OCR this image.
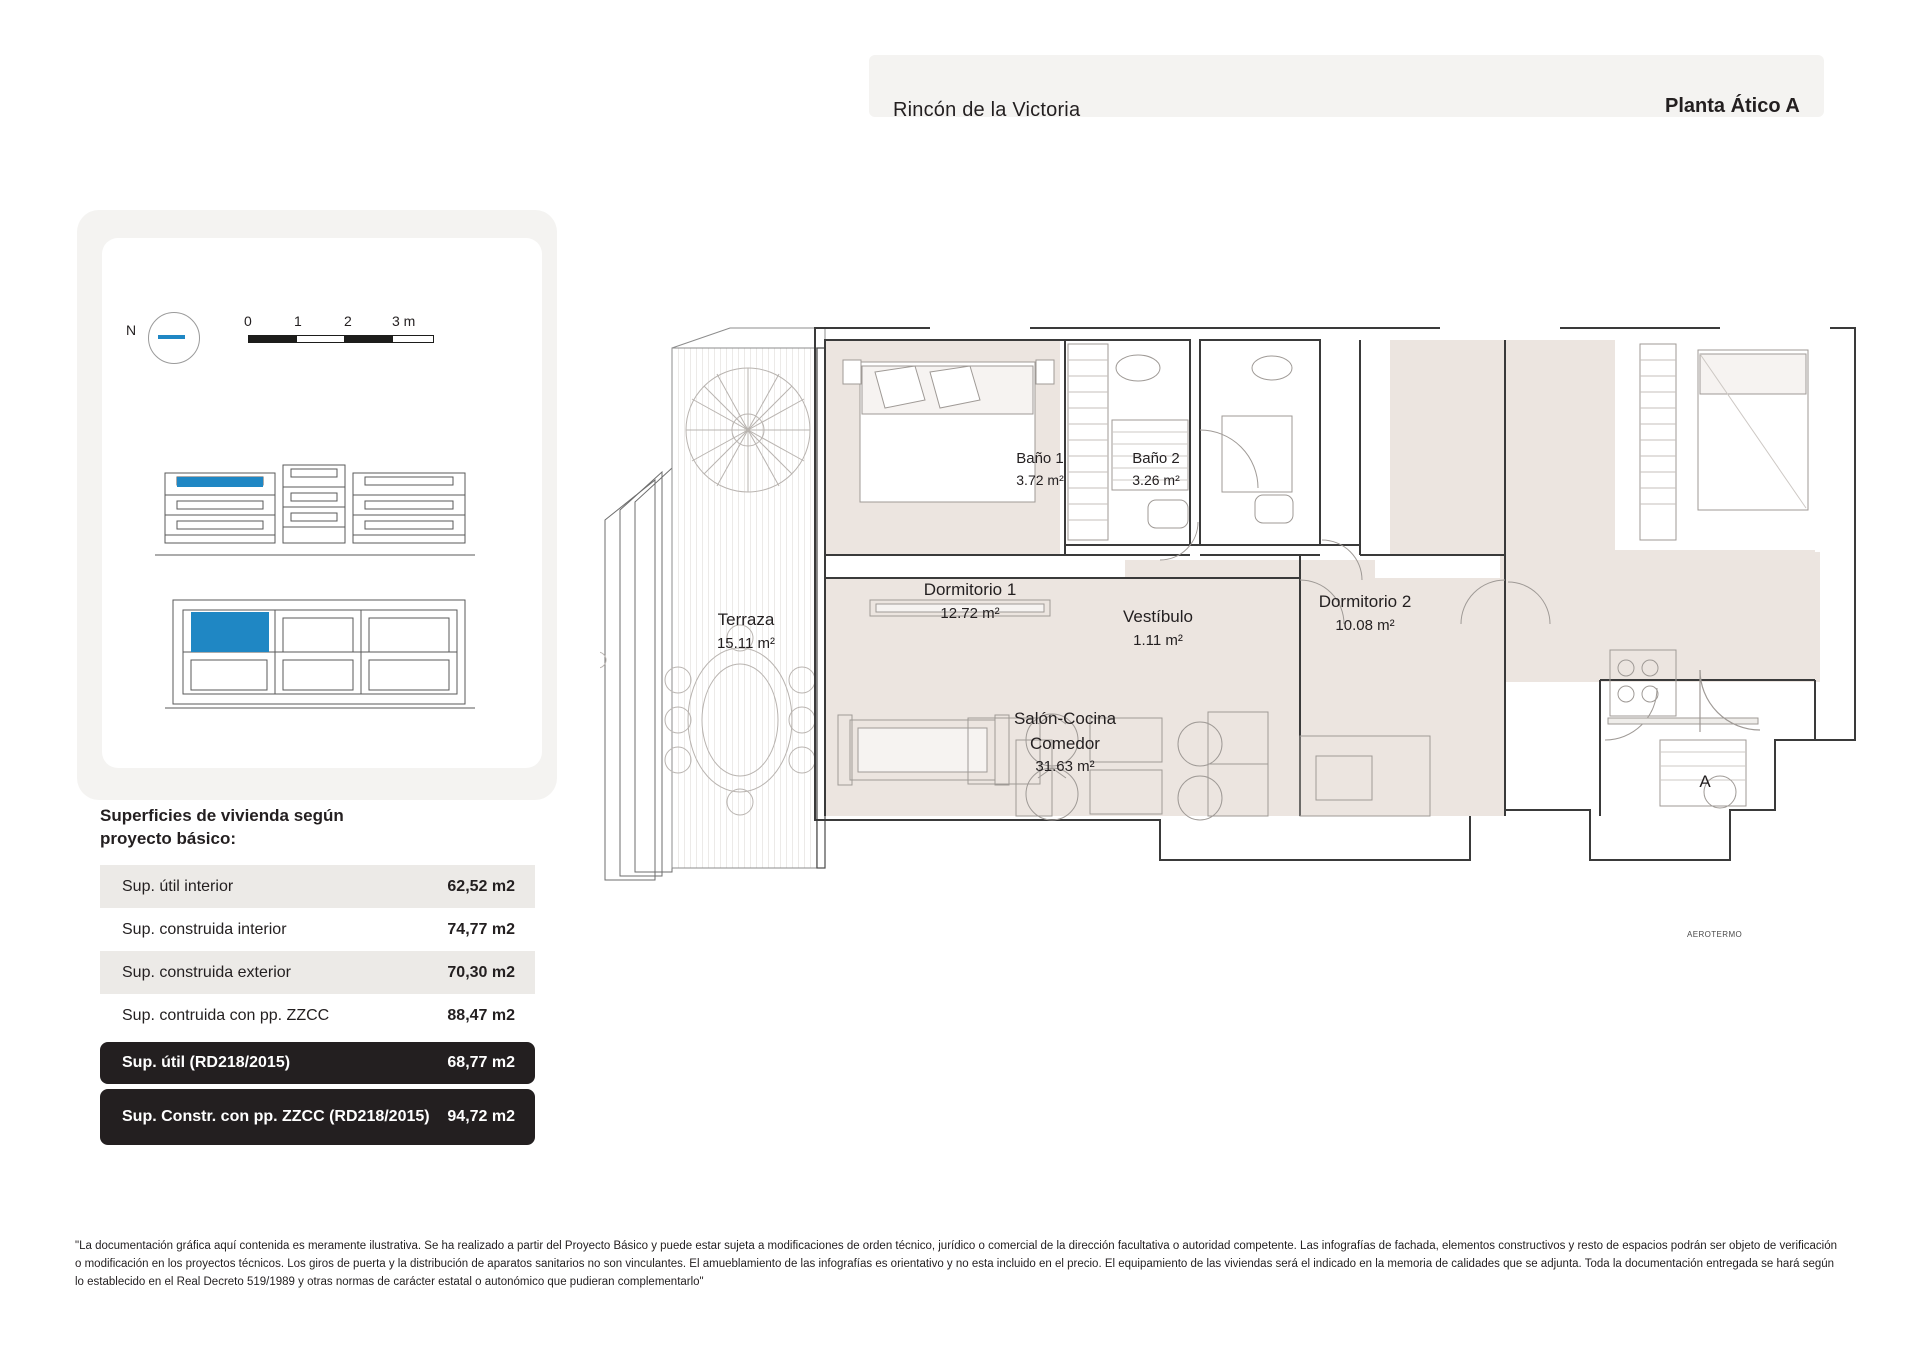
Rincón de la Victoria	Planta Ático A
N
0	1	2	3 m
Superficies de vivienda según proyecto básico:
Sup. útil interior	62,52 m2
Sup. construida interior	74,77 m2
Sup. construida exterior	70,30 m2
Sup. contruida con pp. ZZCC	88,47 m2
Sup. útil (RD218/2015)	68,77 m2
Sup. Constr. con pp. ZZCC (RD218/2015) 94,72 m2
Terraza
15.11 m²
Dormitorio 1
12.72 m²
Baño 1
3.72 m²
Baño 2
3.26 m²
Vestíbulo
1.11 m²
Dormitorio 2
10.08 m²
Salón-Cocina
Comedor
31.63 m²
A
AEROTERMO
"La documentación gráfica aquí contenida es meramente ilustrativa. Se ha realizado a partir del Proyecto Básico y puede estar sujeta a modificaciones de orden técnico, jurídico o comercial de la dirección facultativa o autoridad competente. Las infografías de fachada, elementos constructivos y resto de espacios podrán ser objeto de verificación o modificación en los proyectos técnicos. Los giros de puerta y la distribución de aparatos sanitarios no son vinculantes. El amueblamiento de las infografías es orientativo y no esta incluido en el precio. El equipamiento de las viviendas será el indicado en la memoria de calidades que se adjunta. Toda la documentación entregada se hará según lo establecido en el Real Decreto 519/1989 y otras normas de carácter estatal o autonómico que pudieran complementarlo"
